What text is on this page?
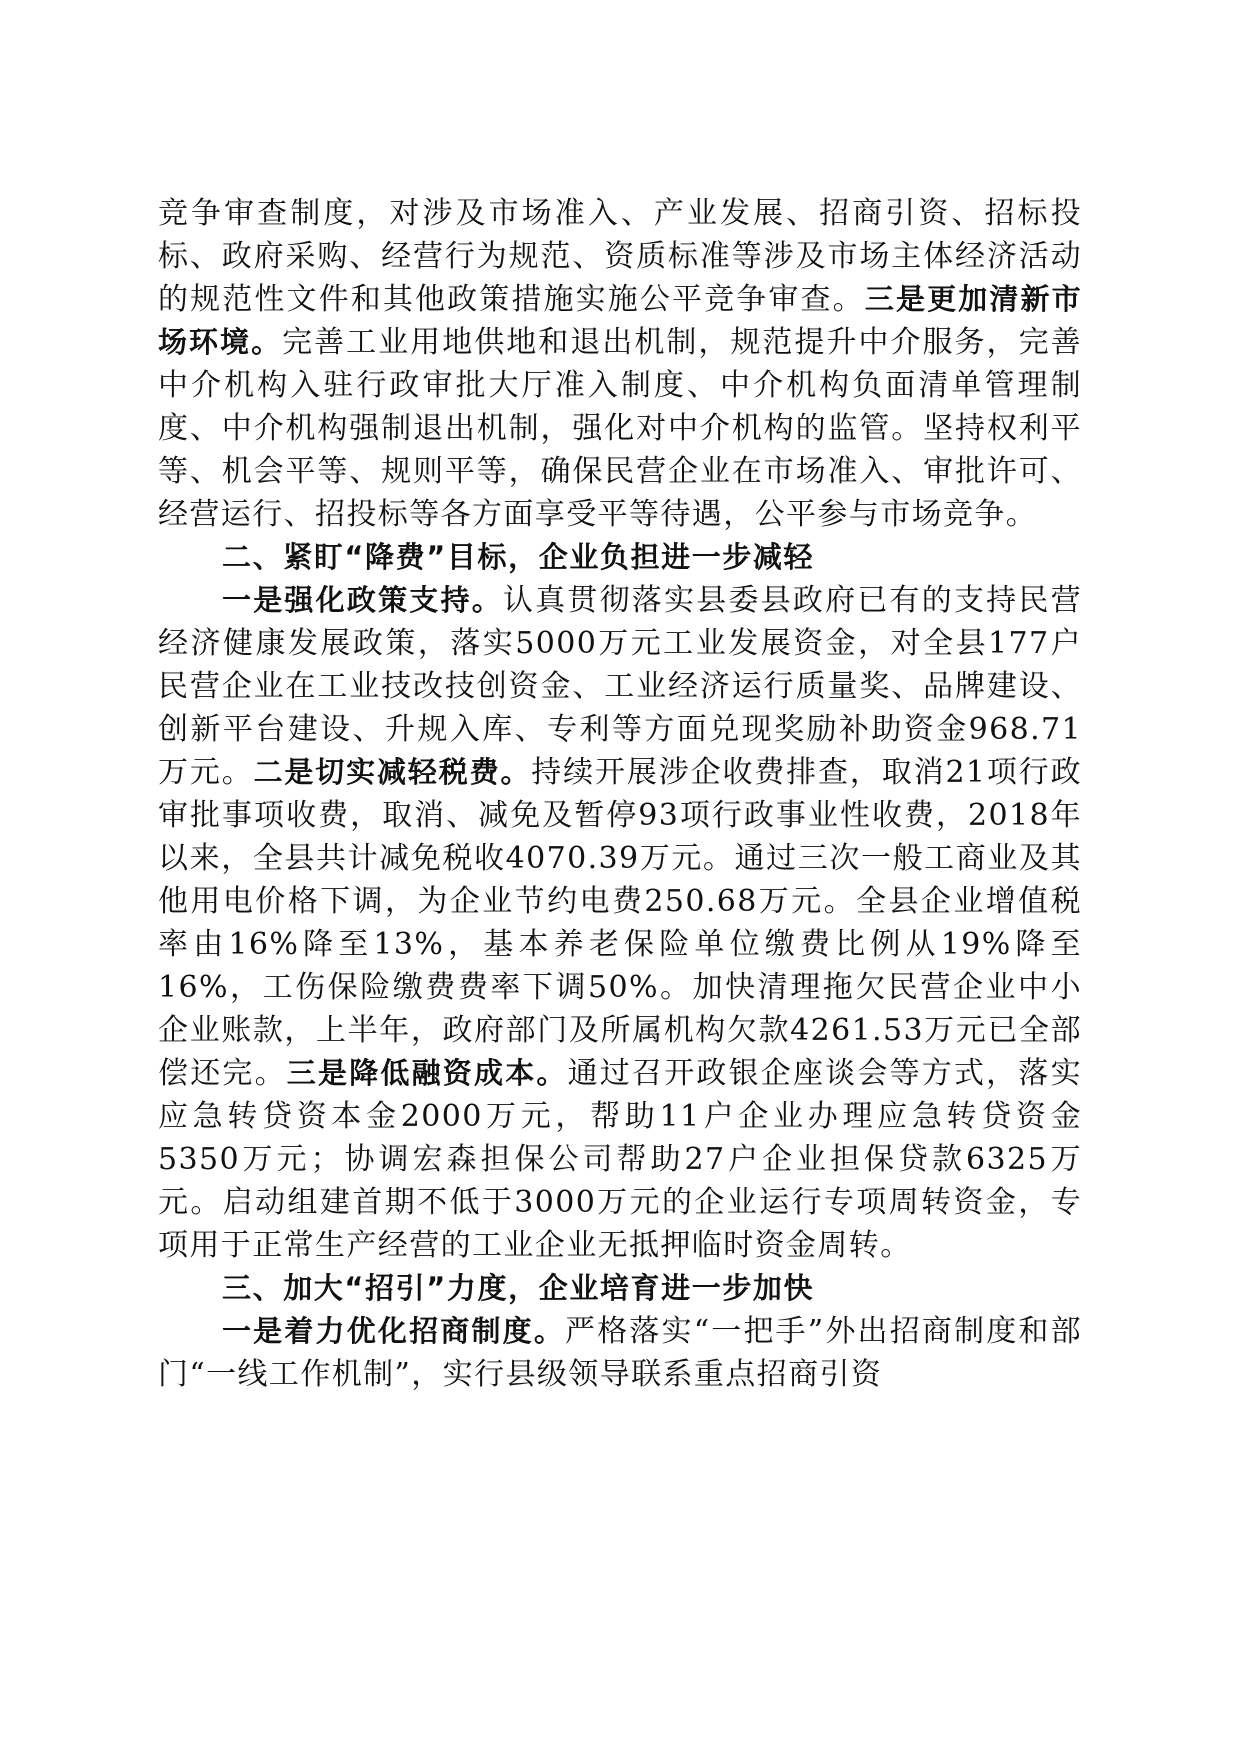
竞争审查制度，对涉及市场准入、产业发展、招商引资、招标投标、政府采购、经营行为规范、资质标准等涉及市场主体经济活动的规范性文件和其他政策措施实施公平竞争审查。三是更加清新市场环境。完善工业用地供地和退出机制，规范提升中介服务，完善中介机构入驻行政审批大厅准入制度、中介机构负面清单管理制度、中介机构强制退出机制，强化对中介机构的监管。坚持权利平等、机会平等、规则平等，确保民营企业在市场准入、审批许可、经营运行、招投标等各方面享受平等待遇，公平参与市场竞争。

二、紧盯“降费”目标，企业负担进一步减轻

一是强化政策支持。认真贯彻落实县委县政府已有的支持民营经济健康发展政策，落实5000万元工业发展资金，对全县177户民营企业在工业技改技创资金、工业经济运行质量奖、品牌建设、创新平台建设、升规入库、专利等方面兑现奖励补助资金968.71万元。二是切实减轻税费。持续开展涉企收费排查，取消21项行政审批事项收费，取消、减免及暂停93项行政事业性收费，2018年以来，全县共计减免税收4070.39万元。通过三次一般工商业及其他用电价格下调，为企业节约电费250.68万元。全县企业增值税率由16%降至13%，基本养老保险单位缴费比例从19%降至16%，工伤保险缴费费率下调50%。加快清理拖欠民营企业中小企业账款，上半年，政府部门及所属机构欠款4261.53万元已全部偿还完。三是降低融资成本。通过召开政银企座谈会等方式，落实应急转贷资本金2000万元，帮助11户企业办理应急转贷资金5350万元；协调宏森担保公司帮助27户企业担保贷款6325万元。启动组建首期不低于3000万元的企业运行专项周转资金，专项用于正常生产经营的工业企业无抵押临时资金周转。

三、加大“招引”力度，企业培育进一步加快

一是着力优化招商制度。严格落实“一把手”外出招商制度和部门“一线工作机制”，实行县级领导联系重点招商引资
